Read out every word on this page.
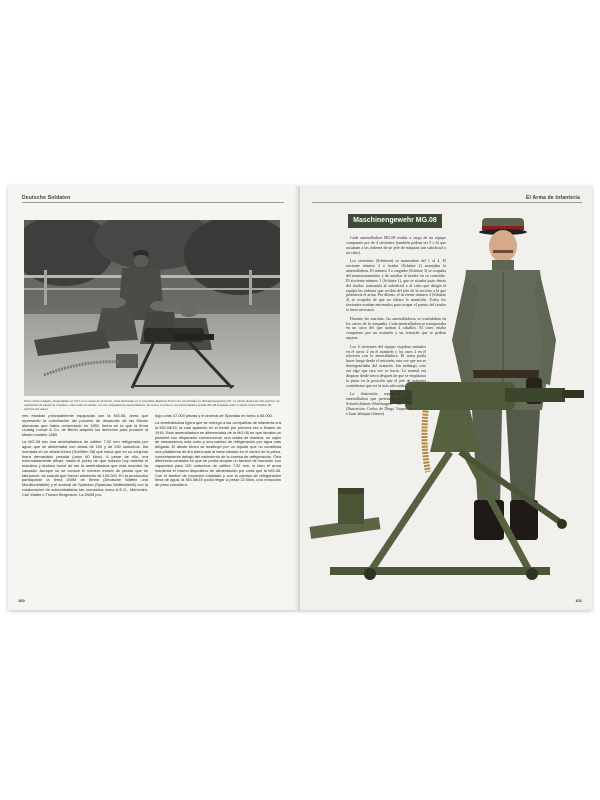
Deutsche Soldaten
Estos cuatro soldados, fotografiados en 1917 en el campo de ejercicios, están destinados en el Grenadier-Regiment Prinz Carl von Preußen (2. Brandenburgisches) Nr. 12. Desde finales del año anterior, los regimientos de infantería contaban, como todos los demás, con tres compañías de ametralladoras. De rostro, el arma es una ametralladora pesada MG.08 instalada sobre el afuste-trineo Schlitten 08. (Archivo del autor)

nes estaban principalmente equipadas con la MG.08, arma que representó la culminación del proceso de desarrollo de las Maxim alemanas que había comenzado en 1892, fecha en la que la firma Ludwig Loewe & Co. de Berlín adquirió los derechos para producir la Maxim modelo 1889.

La MG.08 era una ametralladora de calibre 7,92 mm refrigerada por agua, que se alimentaba con cintas de 100 y de 250 cartuchos. Iba montada en un afuste-trineo (Schlitten 08) que hacía que en su conjunto fuera demasiado pesada (unos 60 kilos). A pesar de ello, era extremadamente eficaz, hasta el punto de que todavía hoy ostenta el macabro y dudoso honor de ser la ametralladora que más muertes ha causado. Aunque no se conoce el número exacto de piezas que se fabricaron, se calcula que fueron alrededor de 100.000. En la producción participaron la firma DWM de Berlín (Deutsche Waffen und Munitionsfabrik) y el arsenal de Spandau (Spandau Waffenfabrik) con la colaboración de subcontratistas tan conocidos como A.E.G., Mercedes, Carl Walter o Thedor Bergmann. La DWM pro-

dujo unas 47.000 piezas y el arsenal de Spandau en torno a 55.000.

La ametralladora ligera que se entregó a las compañías de infantería era la MG.08/15, la cual apareció en el frente por primera vez a finales de 1916. Esta ametralladora se diferenciaba de la MG.08 en que llevaba un pistolete con disparador convencional, una culata de madera, un cajón de mecanismos más corto y una camisa de refrigeración por agua más delgada. El afuste trineo se sustituyó por un bípode que no constituía una plataforma de tiro adecuada al estar situado en el centro de la pieza, concretamente debajo del nacimiento de la camisa de refrigeración. Otra diferencia consistía en que se podía acoplar un tambor de munición con capacidad para 100 cartuchos de calibre 7,92 mm, si bien el arma mantenía el mismo dispositivo de alimentación por cinta que la MG.08. Con el tambor de munición instalado y con la camisa de refrigeración llena de agua, la MG.08/15 podía llegar a pesar 22 kilos, una reducción de peso considera-

100
El Arma de Infantería
Maschinengewehr MG.08

Cada ametralladora MG.08 estaba a cargo de un equipo compuesto por de 4 sirvientes (también podían ser 5 o 6) que actuaban a las órdenes de un jefe de máquina (un suboficial o un cabo).

Los sirvientes (Schützen) se numeraban del 1 al 4. El sirviente número 2 o tirador (Schütze 2) manejaba la ametralladora. El número 3 o cargador (Schütze 3) se ocupaba del municionamiento y de auxiliar al tirador en su cometido. El sirviente número 1 (Schütze 1), que se situaba justo detrás del tirador, transmitía al suboficial o al cabo que dirigía el equipo las órdenes que recibía del jefe de la sección a la que pertenecía el arma. Por último, el sirviente número 4 (Schütze 4) se ocupaba de que no faltara la munición. Todos los sirvientes estaban entrenados para ocupar el puesto del tirador si fuera necesario.

Durante las marchas, las ametralladoras se trasladaban en los carros de la compañía. Cada ametralladora se transportaba en un carro del que tiraban 4 caballos. El carro estaba compuesto por un avantrén y un retrotrén que se podían separar.

Los 4 sirvientes del equipo viajaban sentados en el carro: 2 en el avantrén y los otros 2 en el retrotrén con la ametralladora. El arma podía hacer fuego desde el retrotrén, esta vez que era se desenganchaba del avantrén. Sin embargo, esto era algo que rara vez se hacía. Lo normal era disparar desde tierra después de que se emplazara la pieza en la posición que el jefe de máquina considerase que era la más adecuada.

La ilustración reproduce una ametralladora que perteneció al MG.-Scharfschützen-Abteilungen Nr. 26. (Ilustración: Carlos de Diego Vaquerizo e Juan Jabuque Gómez)

101
